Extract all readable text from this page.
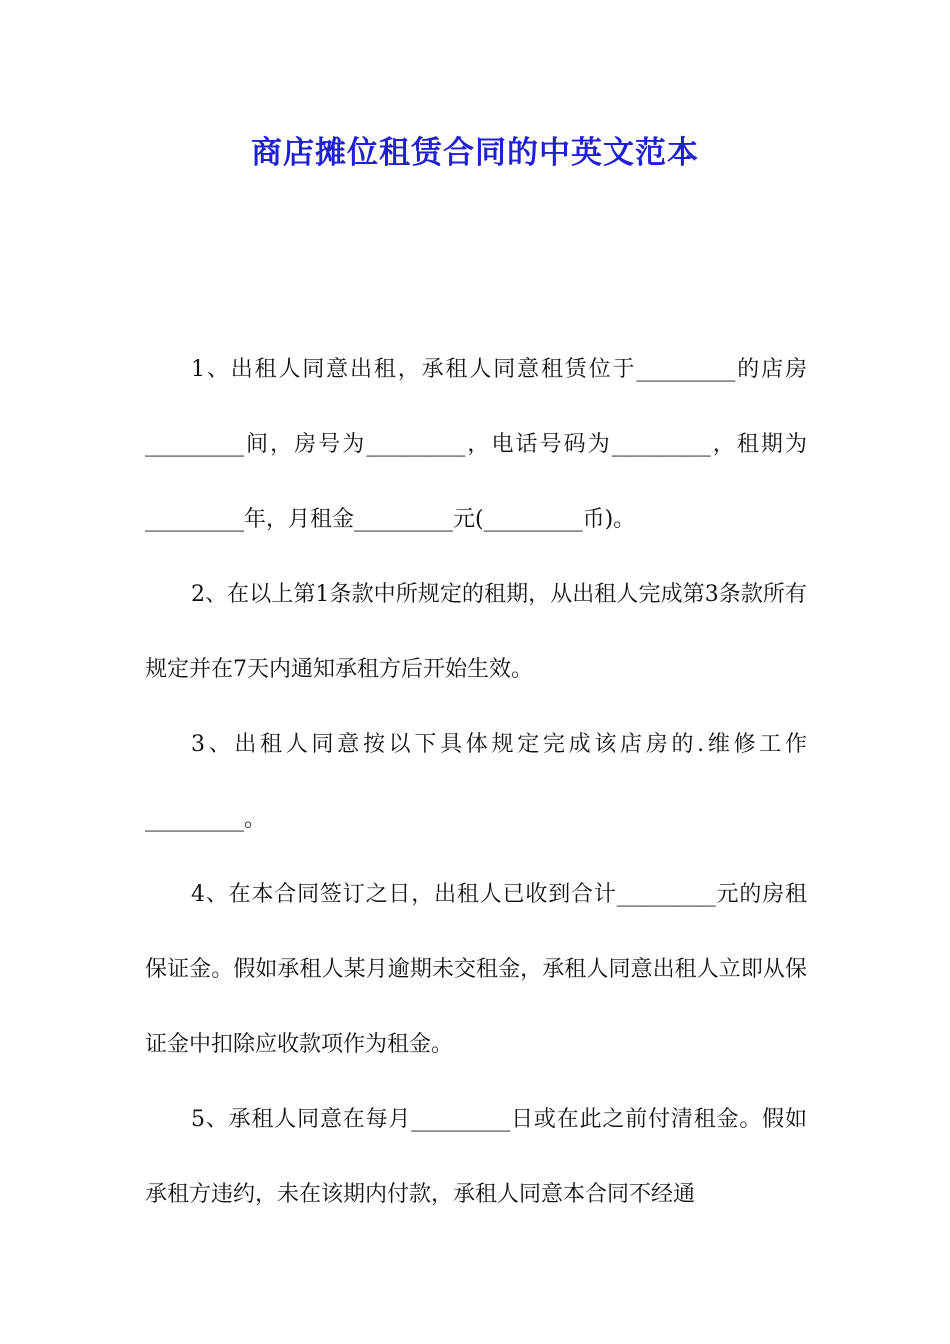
商店摊位租赁合同的中英文范本

1、出租人同意出租，承租人同意租赁位于_________的店房_________间，房号为_________，电话号码为_________，租期为_________年，月租金_________元(_________币)。

2、在以上第1条款中所规定的租期，从出租人完成第3条款所有规定并在7天内通知承租方后开始生效。

3、出租人同意按以下具体规定完成该店房的.维修工作_________。

4、在本合同签订之日，出租人已收到合计_________元的房租保证金。假如承租人某月逾期未交租金，承租人同意出租人立即从保证金中扣除应收款项作为租金。

5、承租人同意在每月_________日或在此之前付清租金。假如承租方违约，未在该期内付款，承租人同意本合同不经通
